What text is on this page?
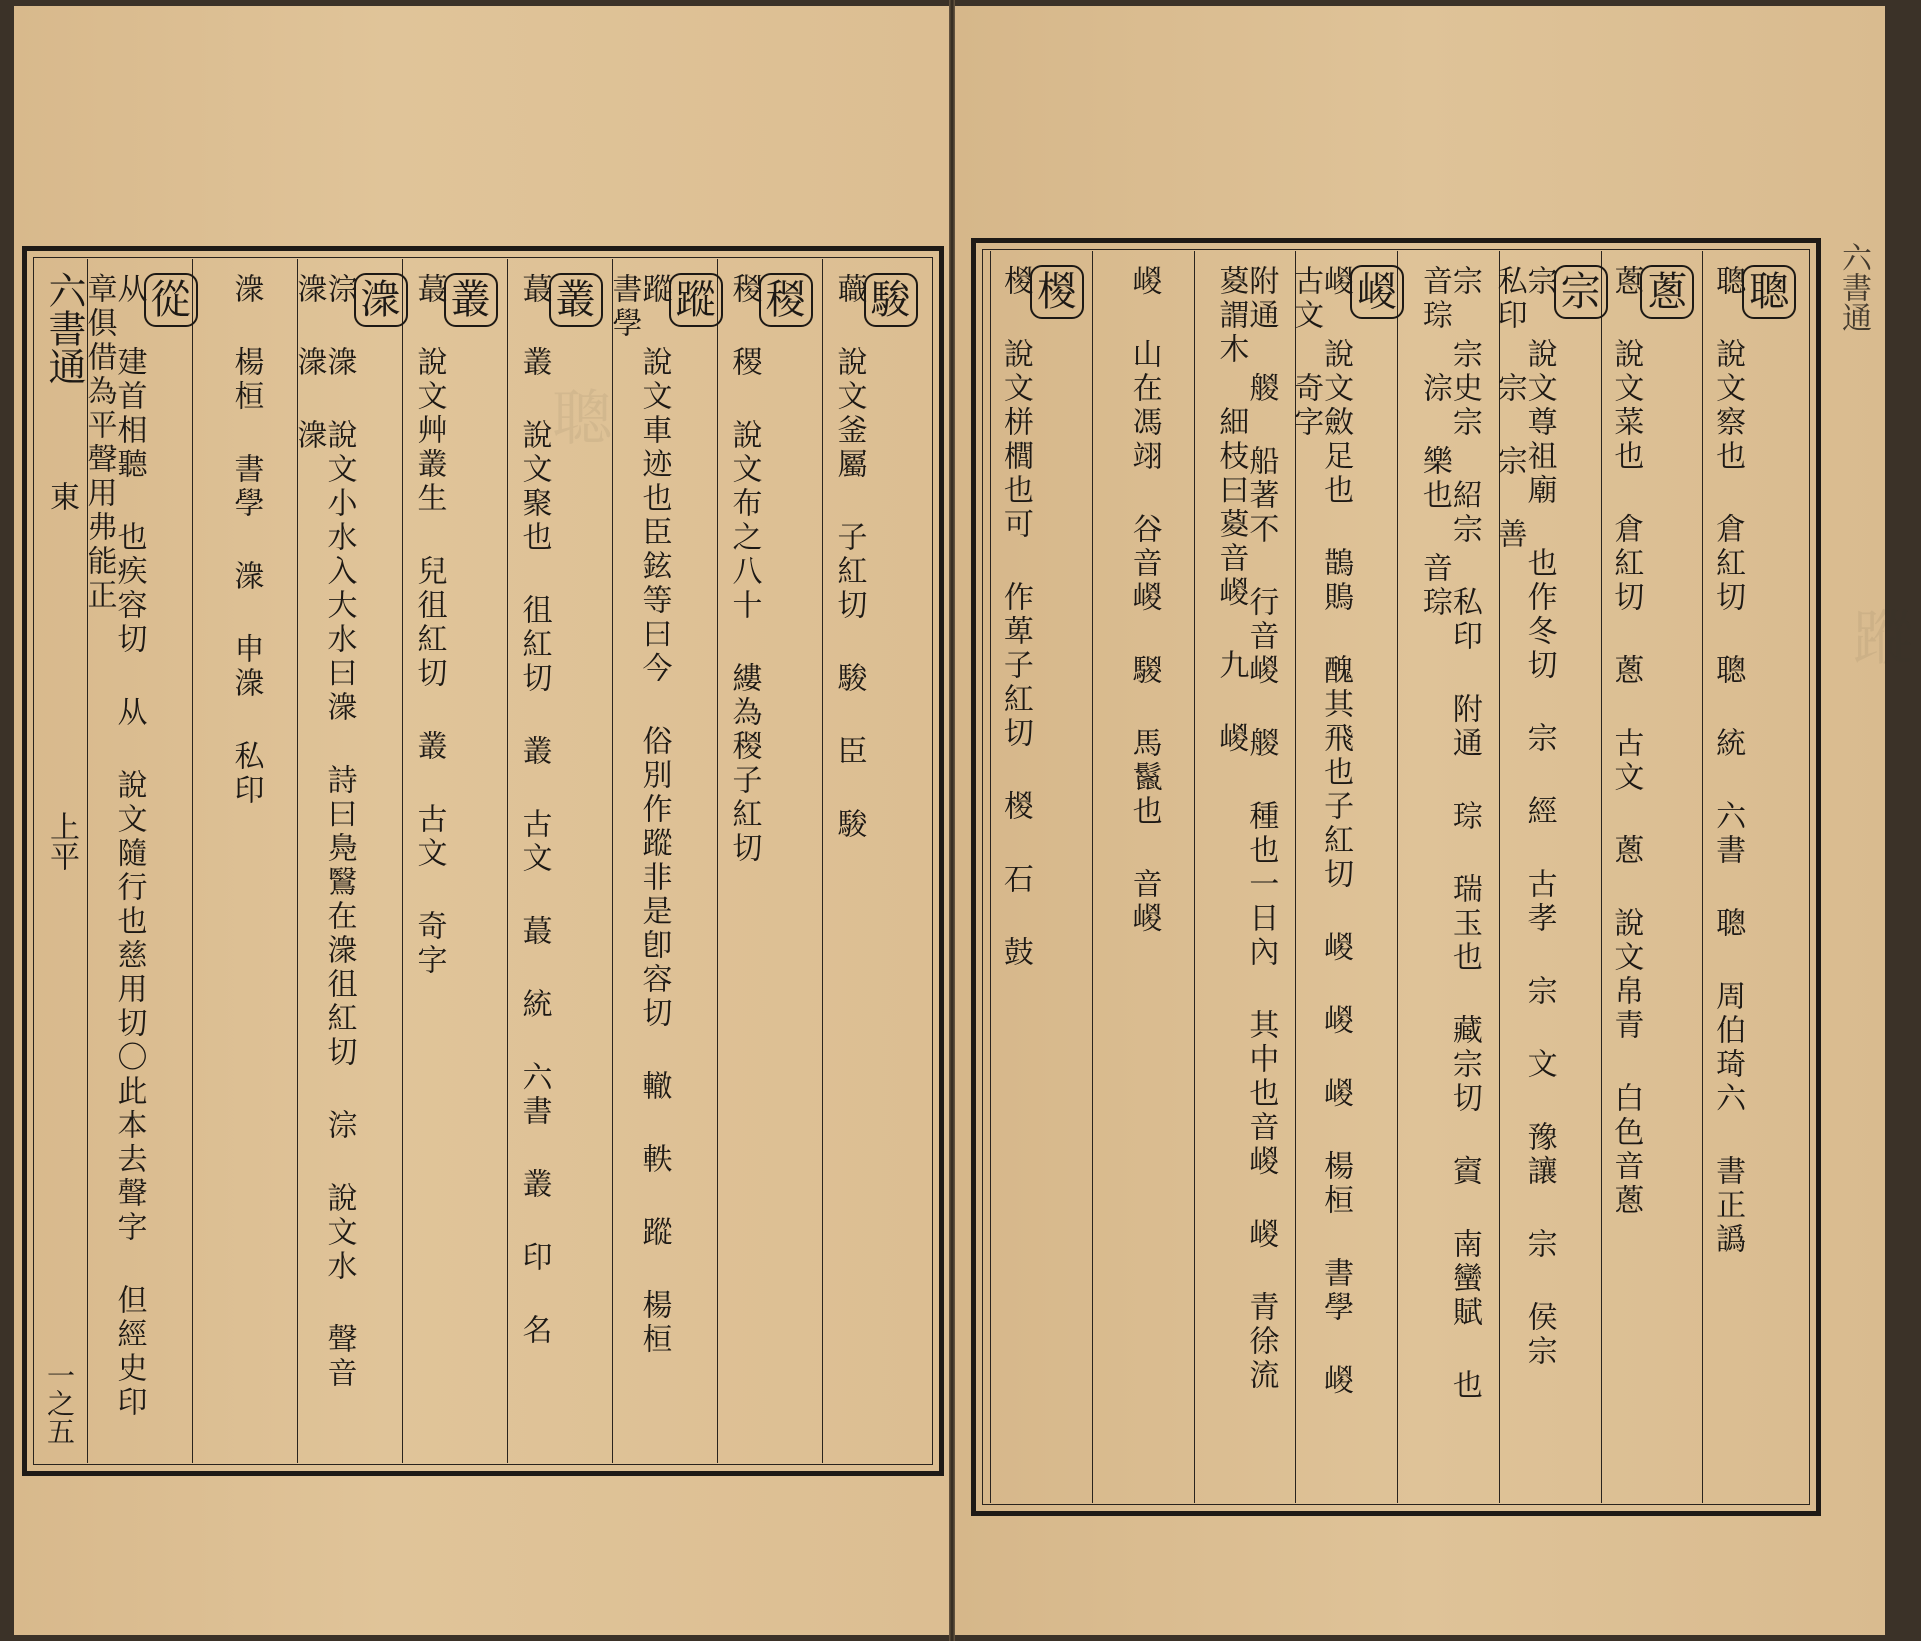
聰
六書通
東
上平
一之五
駿
蘵 說文釜屬 子紅切 駿 臣 駿
稯
稯 稷 說文布之八十 縷為稯子紅切
蹤
蹤 說文車迹也臣鉉等曰今 俗別作蹤非是卽容切 轍 軼 蹤 楊桓 書學
叢
蕞 叢 說文聚也 徂紅切 叢 古文 蕞 統 六書 叢 印 名
叢
蕞 說文艸叢生 兒徂紅切 叢 古文 奇字
潨
淙 潨 說文小水入大水曰潨 詩曰鳧鷖在潨徂紅切 淙 說文水 聲音潨 潨 潨
潨 楊桓 書學 潨 申潨 私印
從
从 建首相聽 也疾容切 从 說文隨行也慈用切〇此本去聲字 但經史印章俱借為平聲用弗能正
蹤
六書通
聰
聰 說文察也 倉紅切 聰 統 六書 聰 周伯琦六 書正譌
蔥
蔥 說文菜也 倉紅切 蔥 古文 蔥 說文帛青 白色音蔥
宗
宗 說文尊祖廟 也作冬切 宗 經 古孝 宗 文 豫讓 宗 侯宗 私印 宗 宗 善
宗 宗史宗 紹宗 私印 附通 琮 瑞玉也 藏宗切 賨 南蠻賦 也音琮 淙 樂也 音琮
嵕
嵕 說文斂足也 鵲鵙 醜其飛也子紅切 嵕 嵕 嵕 楊桓 書學 嵕 古文 奇字
附通 艐 船著不 行音嵕 艐 種也一日內 其中也音嵕 嵕 青徐流葼謂木 細枝曰葼音嵕 九 嵕
嵕 山在馮翊 谷音嵕 騣 馬鬣也 音嵕
椶
椶 說文栟櫚也可 作萆子紅切 椶 石 鼓
